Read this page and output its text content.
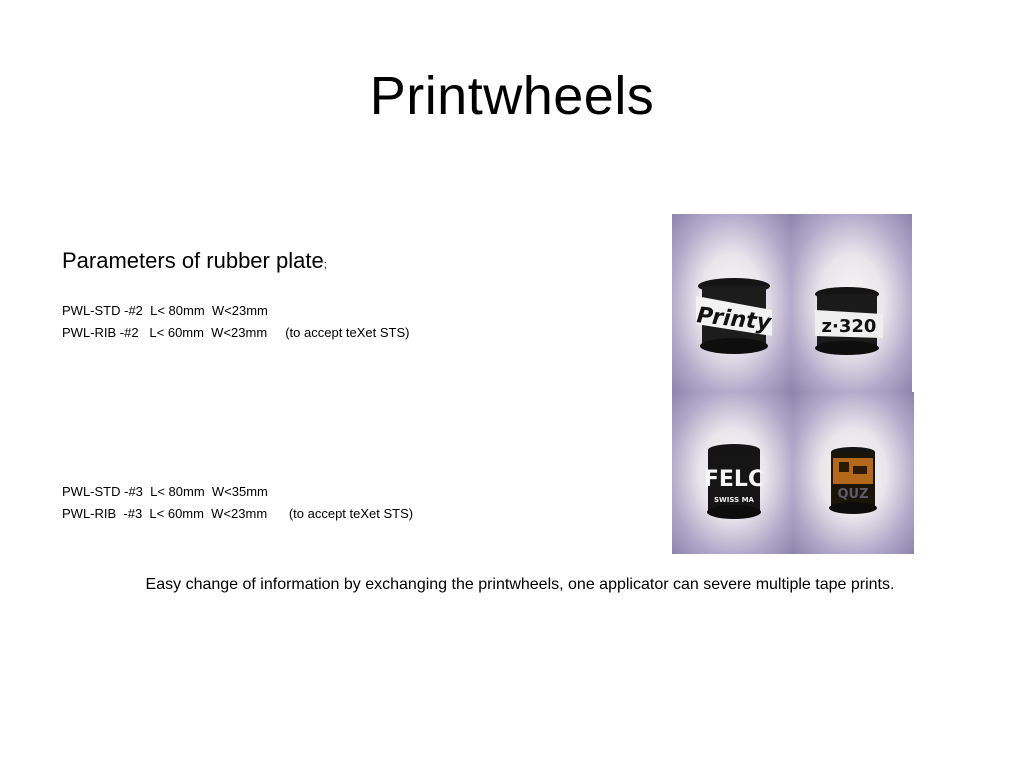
Printwheels
Parameters of rubber plate;
PWL-STD -#2  L< 80mm  W<23mm
PWL-RIB -#2   L< 60mm  W<23mm     (to accept teXet STS)
PWL-STD -#3  L< 80mm  W<35mm
PWL-RIB  -#3  L< 60mm  W<23mm      (to accept teXet STS)
Printy	z·320
FELC
SWISS MA	QUZ
Easy change of information by exchanging the printwheels, one applicator can severe multiple tape prints.
